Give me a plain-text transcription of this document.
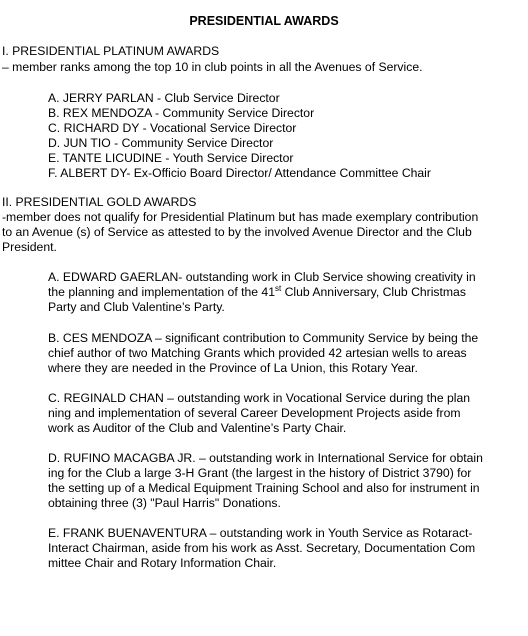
PRESIDENTIAL AWARDS
I. PRESIDENTIAL PLATINUM AWARDS
– member ranks among the top 10 in club points in all the Avenues of Service.
A. JERRY PARLAN - Club Service Director
B. REX MENDOZA - Community Service Director
C. RICHARD DY - Vocational Service Director
D. JUN TIO - Community Service Director
E. TANTE LICUDINE - Youth Service Director
F. ALBERT DY- Ex-Officio Board Director/ Attendance Committee Chair
II. PRESIDENTIAL GOLD AWARDS
-member does not qualify for Presidential Platinum but has made exemplary contribution
to an Avenue (s) of Service as attested to by the involved Avenue Director and the Club
President.
A. EDWARD GAERLAN- outstanding work in Club Service showing creativity in
the planning and implementation of the 41st Club Anniversary, Club Christmas
Party and Club Valentine’s Party.
B. CES MENDOZA – significant contribution to Community Service by being the
chief author of two Matching Grants which provided 42 artesian wells to areas
where they are needed in the Province of La Union, this Rotary Year.
C. REGINALD CHAN – outstanding work in Vocational Service during the plan
ning and implementation of several Career Development Projects aside from
work as Auditor of the Club and Valentine’s Party Chair.
D. RUFINO MACAGBA JR. – outstanding work in International Service for obtain
ing for the Club a large 3-H Grant (the largest in the history of District 3790) for
the setting up of a Medical Equipment Training School and also for instrument in
obtaining three (3) "Paul Harris" Donations.
E. FRANK BUENAVENTURA – outstanding work in Youth Service as Rotaract-
Interact Chairman, aside from his work as Asst. Secretary, Documentation Com
mittee Chair and Rotary Information Chair.
